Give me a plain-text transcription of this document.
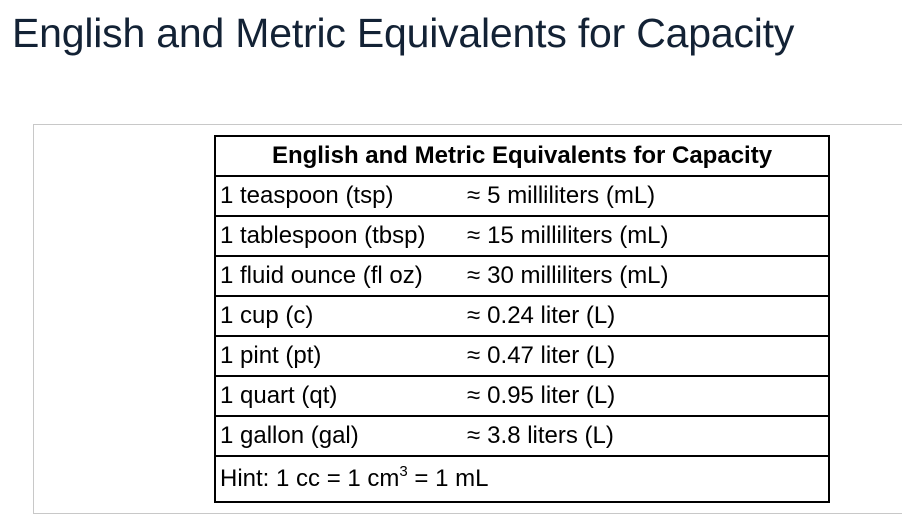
English and Metric Equivalents for Capacity
English and Metric Equivalents for Capacity	
1 teaspoon (tsp)	≈ 5 milliliters (mL)
1 tablespoon (tbsp)	≈ 15 milliliters (mL)
1 fluid ounce (fl oz)	≈ 30 milliliters (mL)
1 cup (c)	≈ 0.24 liter (L)
1 pint (pt)	≈ 0.47 liter (L)
1 quart (qt)	≈ 0.95 liter (L)
1 gallon (gal)	≈ 3.8 liters (L)
Hint: 1 cc = 1 $cm^3 = 1$ mL	
